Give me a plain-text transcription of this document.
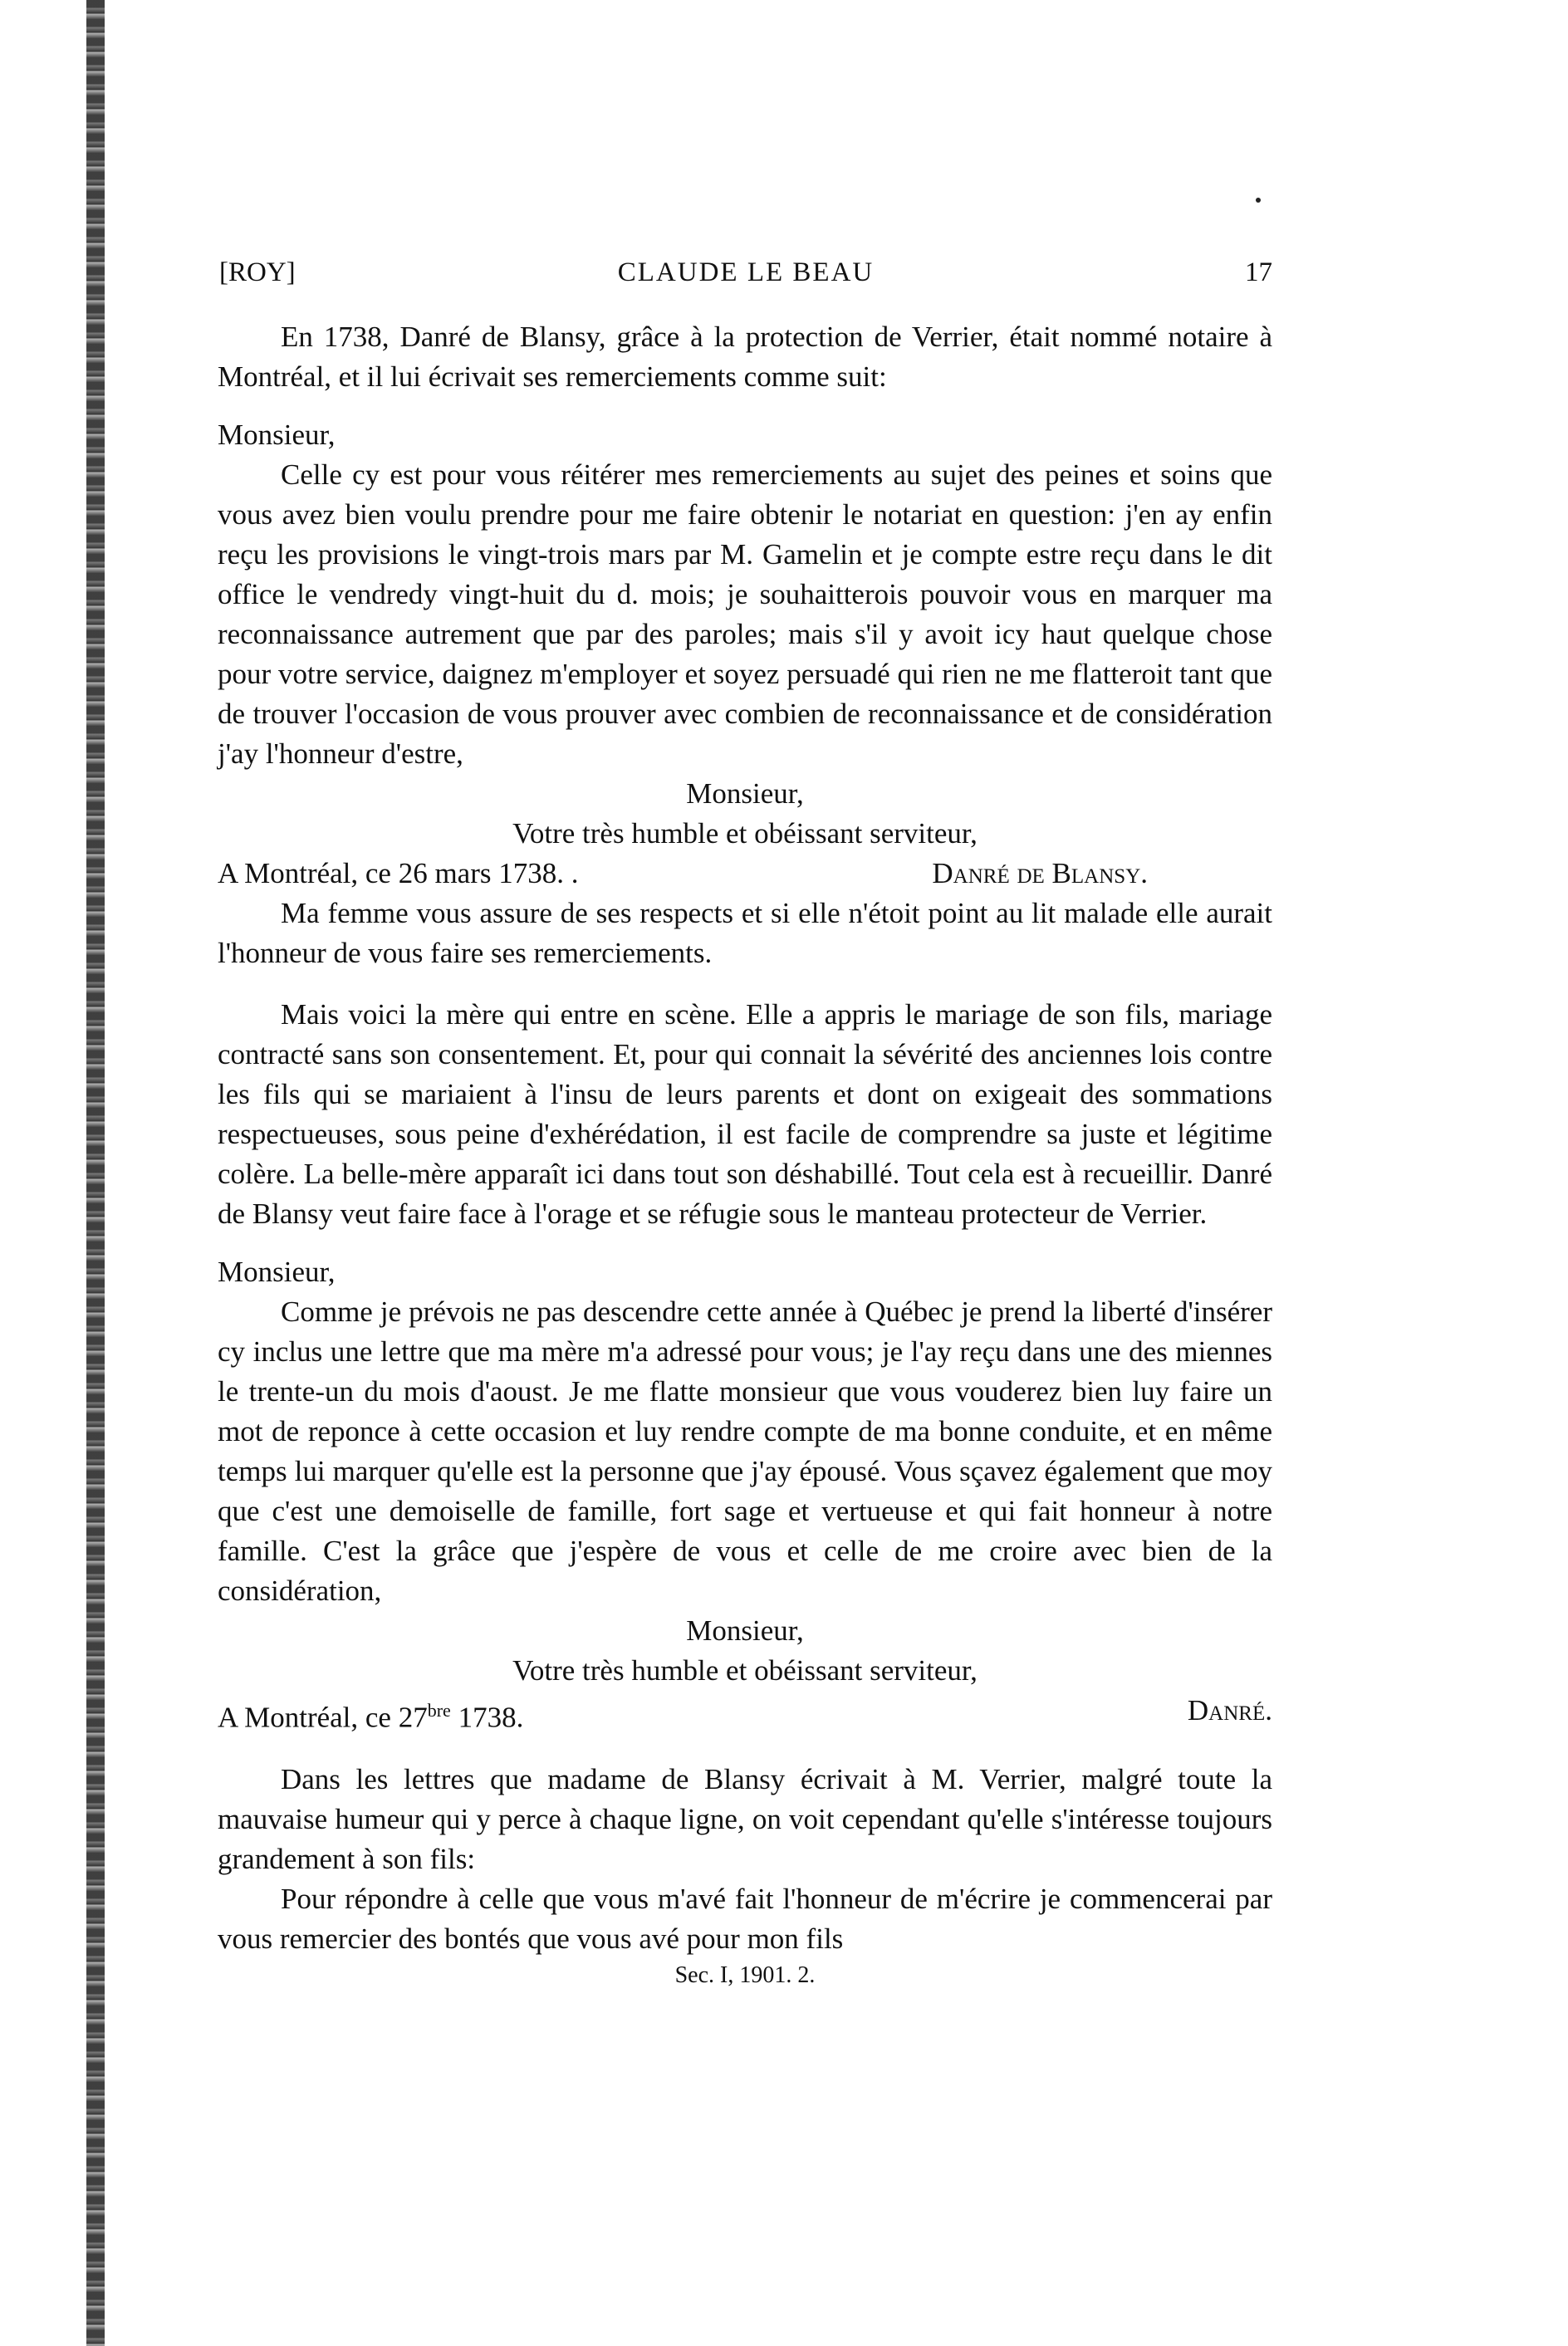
CLAUDE LE BEAU
[ROY]	17

En 1738, Danré de Blansy, grâce à la protection de Verrier, était nommé notaire à Montréal, et il lui écrivait ses remerciements comme suit:

Monsieur,

Celle cy est pour vous réitérer mes remerciements au sujet des peines et soins que vous avez bien voulu prendre pour me faire obtenir le notariat en question: j'en ay enfin reçu les provisions le vingt-trois mars par M. Gamelin et je compte estre reçu dans le dit office le vendredy vingt-huit du d. mois; je souhaitterois pouvoir vous en marquer ma reconnaissance autrement que par des paroles; mais s'il y avoit icy haut quelque chose pour votre service, daignez m'employer et soyez persuadé qui rien ne me flatteroit tant que de trouver l'occasion de vous prouver avec combien de reconnaissance et de considération j'ay l'honneur d'estre,

Monsieur,

Votre très humble et obéissant serviteur,

A Montréal, ce 26 mars 1738. .	Danré de Blansy.

Ma femme vous assure de ses respects et si elle n'étoit point au lit malade elle aurait l'honneur de vous faire ses remerciements.

Mais voici la mère qui entre en scène. Elle a appris le mariage de son fils, mariage contracté sans son consentement. Et, pour qui connait la sévérité des anciennes lois contre les fils qui se mariaient à l'insu de leurs parents et dont on exigeait des sommations respectueuses, sous peine d'exhérédation, il est facile de comprendre sa juste et légitime colère. La belle-mère apparaît ici dans tout son déshabillé. Tout cela est à recueillir. Danré de Blansy veut faire face à l'orage et se réfugie sous le manteau protecteur de Verrier.

Monsieur,

Comme je prévois ne pas descendre cette année à Québec je prend la liberté d'insérer cy inclus une lettre que ma mère m'a adressé pour vous; je l'ay reçu dans une des miennes le trente-un du mois d'aoust. Je me flatte monsieur que vous vouderez bien luy faire un mot de reponce à cette occasion et luy rendre compte de ma bonne conduite, et en même temps lui marquer qu'elle est la personne que j'ay épousé. Vous sçavez également que moy que c'est une demoiselle de famille, fort sage et vertueuse et qui fait honneur à notre famille. C'est la grâce que j'espère de vous et celle de me croire avec bien de la considération,

Monsieur,

Votre très humble et obéissant serviteur,

A Montréal, ce $27^{bre}$ 1738.	Danré.

Dans les lettres que madame de Blansy écrivait à M. Verrier, malgré toute la mauvaise humeur qui y perce à chaque ligne, on voit cependant qu'elle s'intéresse toujours grandement à son fils:

Pour répondre à celle que vous m'avé fait l'honneur de m'écrire je commencerai par vous remercier des bontés que vous avé pour mon fils

Sec. I, 1901. 2.
